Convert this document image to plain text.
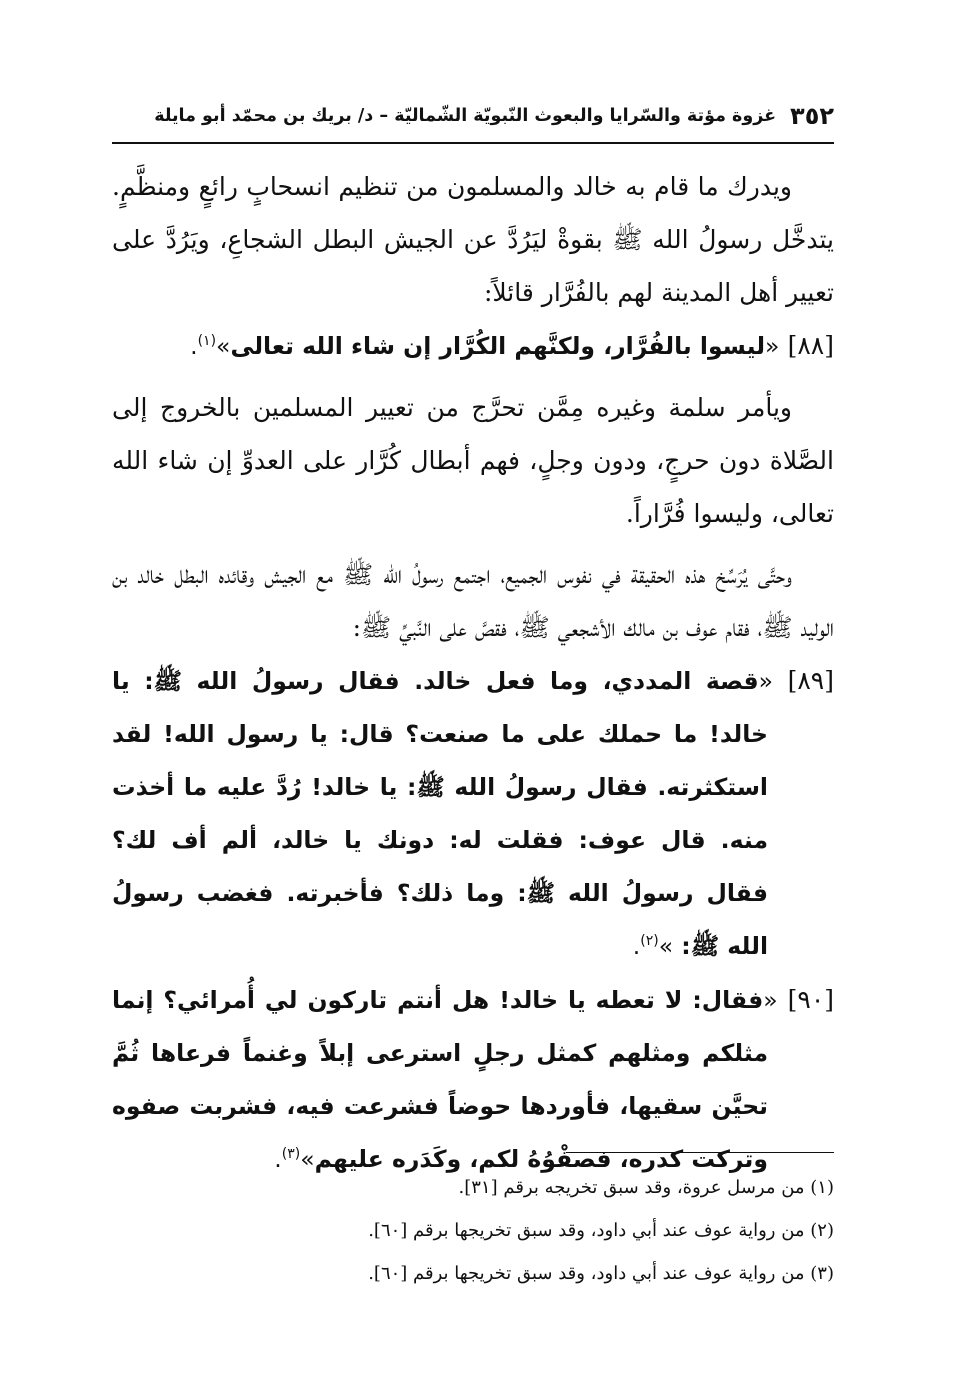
٣٥٢
غزوة مؤتة والسّرايا والبعوث النّبويّة الشّماليّة – د/ بريك بن محمّد أبو مايلة

ويدرك ما قام به خالد والمسلمون من تنظيم انسحابٍ رائعٍ ومنظَّمٍ. يتدخَّل رسولُ الله ﷺ بقوةْ ليَرُدَّ عن الجيش البطل الشجاعِ، ويَرُدَّ على تعيير أهل المدينة لهم بالفُرَّار قائلاً:

[٨٨] «ليسوا بالفُرَّار، ولكنَّهم الكُرَّار إن شاء الله تعالى»$^{(١)}$.

ويأمر سلمة وغيره مِمَّن تحرَّج من تعيير المسلمين بالخروج إلى الصَّلاة دون حرجٍ، ودون وجلٍ، فهم أبطال كُرَّار على العدوِّ إن شاء الله تعالى، وليسوا فُرَّاراً.

وحتَّى يُرَسِّخ هذه الحقيقة في نفوس الجميع، اجتمع رسولُ الله ﷺ مع الجيش وقائده البطل خالد بن الوليد ﷺ، فقام عوف بن مالك الأشجعي ﷺ، فقصَّ على النَّبيِّ ﷺ:

[٨٩] «قصة المددي، وما فعل خالد. فقال رسولُ الله ﷺ: يا خالد! ما حملك على ما صنعت؟ قال: يا رسول الله! لقد استكثرته. فقال رسولُ الله ﷺ: يا خالد! رُدَّ عليه ما أخذت منه. قال عوف: فقلت له: دونك يا خالد، ألم أف لك؟ فقال رسولُ الله ﷺ: وما ذلك؟ فأخبرته. فغضب رسولُ الله ﷺ: »$^{(٢)}$.

[٩٠] «فقال: لا تعطه يا خالد! هل أنتم تاركون لي أُمرائي؟ إنما مثلكم ومثلهم كمثل رجلٍ استرعى إبلاً وغنماً فرعاها ثُمَّ تحيَّن سقيها، فأوردها حوضاً فشرعت فيه، فشربت صفوه وتركت كدره، فصفْوُهُ لكم، وكَدَره عليهم»$^{(٣)}$.

(١) من مرسل عروة، وقد سبق تخريجه برقم [٣١].

(٢) من رواية عوف عند أبي داود، وقد سبق تخريجها برقم [٦٠].

(٣) من رواية عوف عند أبي داود، وقد سبق تخريجها برقم [٦٠].
